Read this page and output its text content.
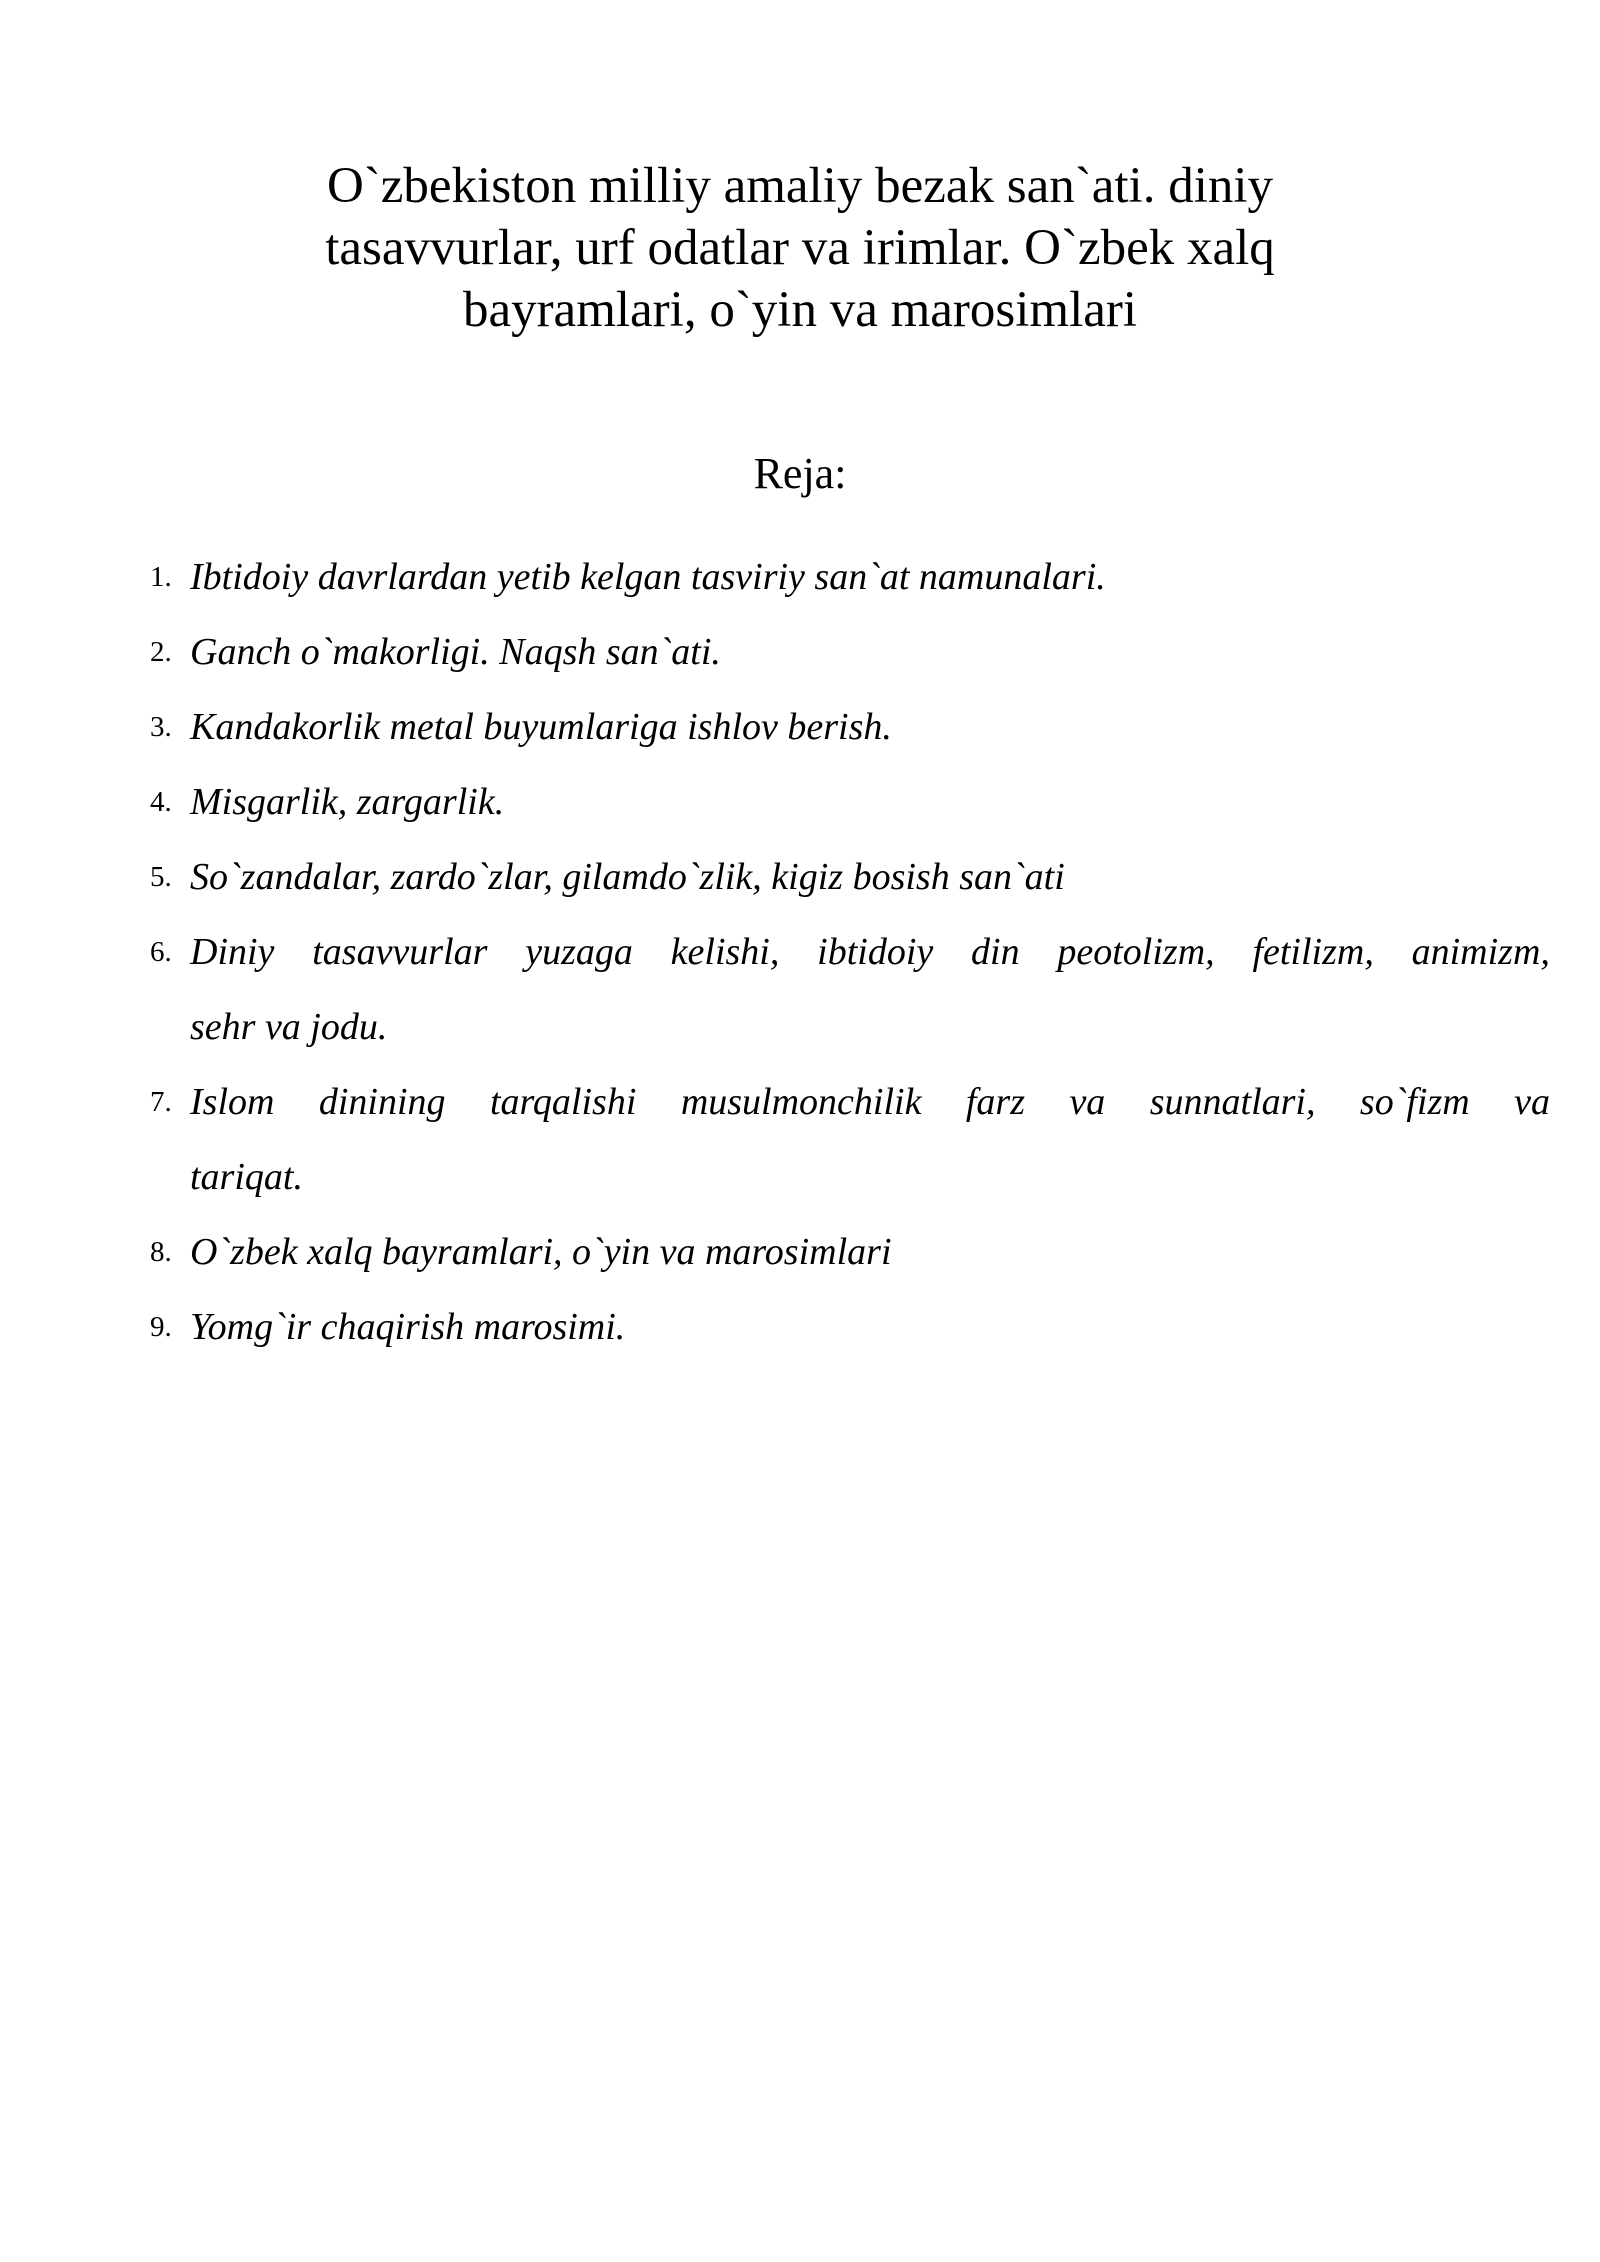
O`zbekiston milliy amaliy bezak san`ati. diniy
tasavvurlar, urf odatlar va irimlar. O`zbek xalq
bayramlari, o`yin va marosimlari
Reja:
1. Ibtidoiy davrlardan yetib kelgan tasviriy san`at namunalari.
2. Ganch o`makorligi. Naqsh san`ati.
3. Kandakorlik metal buyumlariga ishlov berish.
4. Misgarlik, zargarlik.
5. So`zandalar, zardo`zlar, gilamdo`zlik, kigiz bosish san`ati
6. Diniy tasavvurlar yuzaga kelishi, ibtidoiy din peotolizm, fetilizm, animizm,
sehr va jodu.
7. Islom dinining tarqalishi musulmonchilik farz va sunnatlari, so`fizm va
tariqat.
8. O`zbek xalq bayramlari, o`yin va marosimlari
9. Yomg`ir chaqirish marosimi.
